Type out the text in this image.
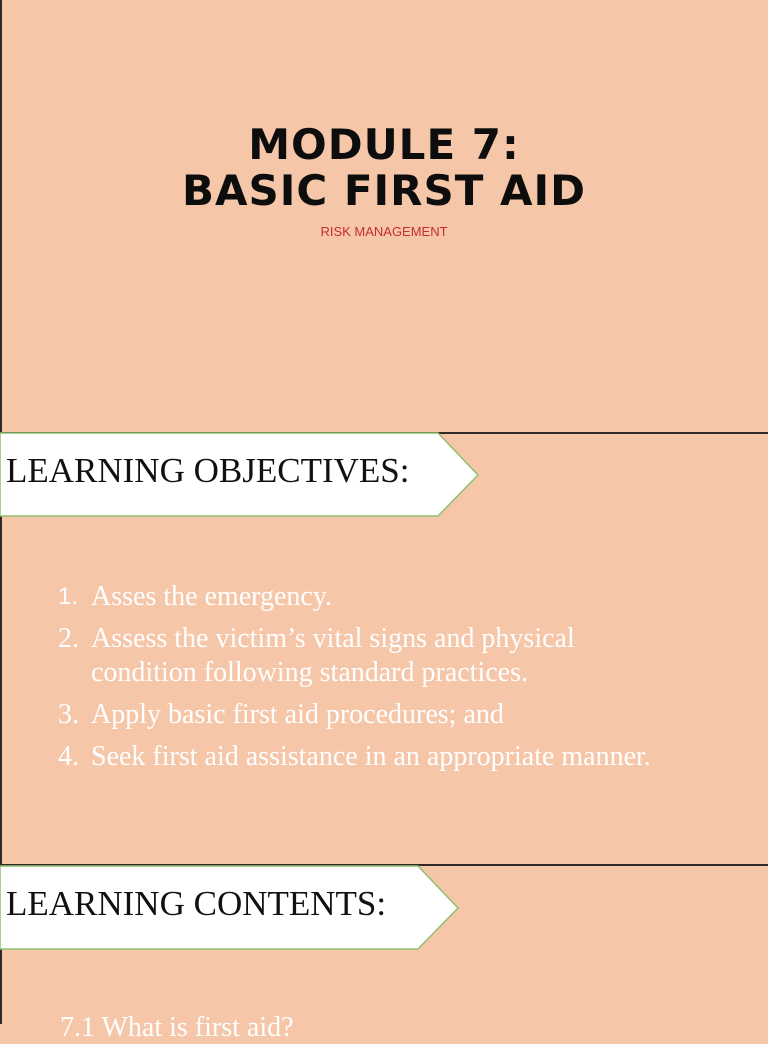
MODULE 7:
BASIC FIRST AID
RISK MANAGEMENT
LEARNING OBJECTIVES:
1. Asses the emergency.
2. Assess the victim’s vital signs and physical
condition following standard practices.
3. Apply basic first aid procedures; and
4. Seek first aid assistance in an appropriate manner.
LEARNING CONTENTS:
7.1 What is first aid?
